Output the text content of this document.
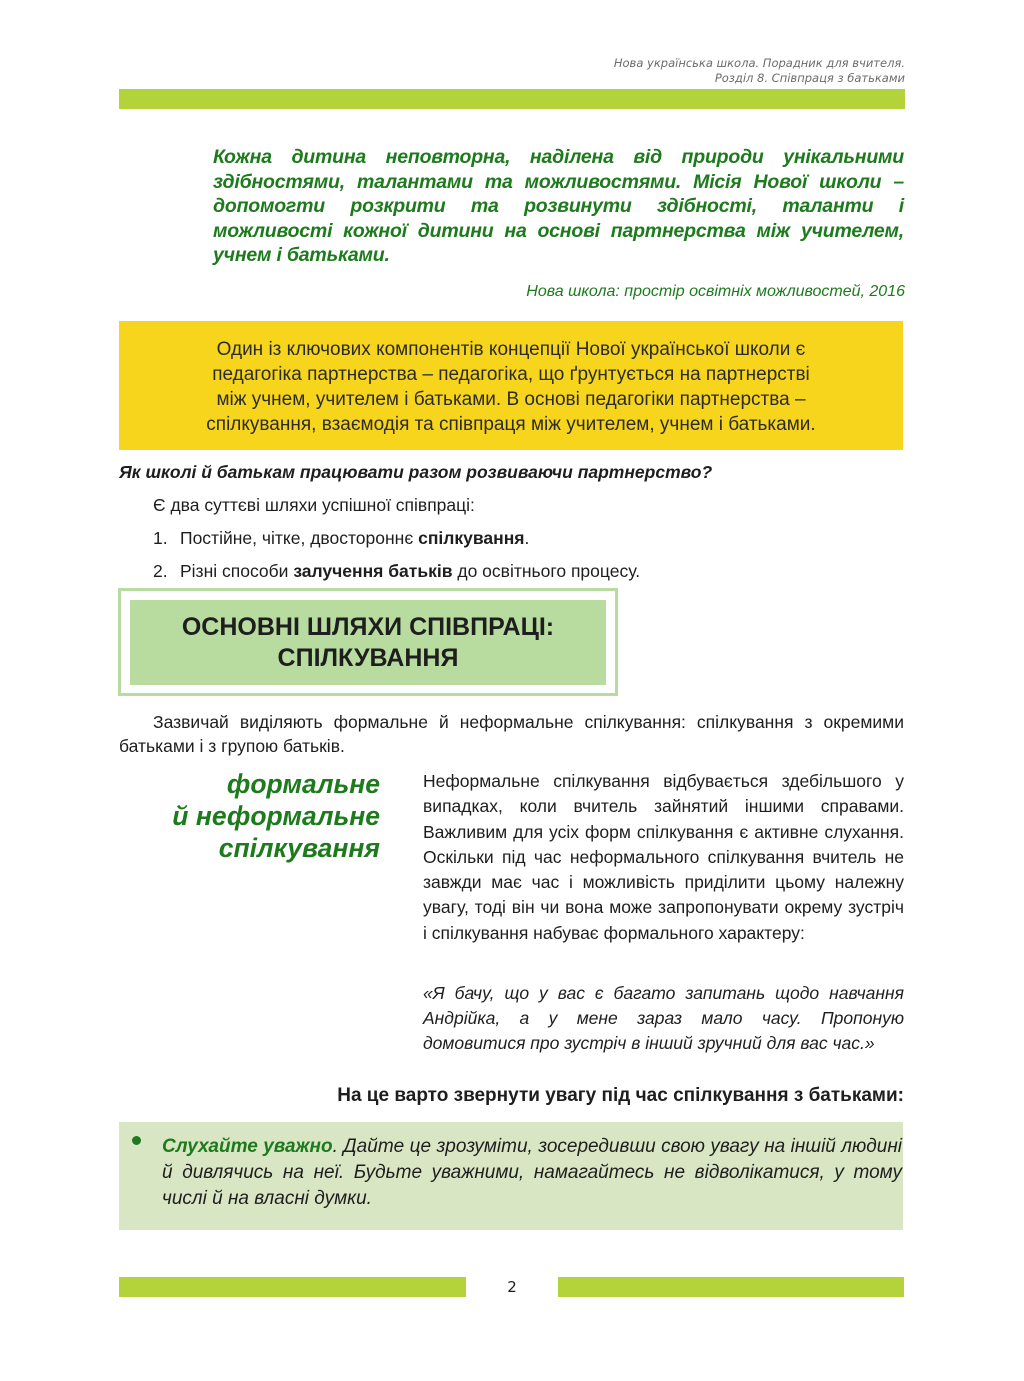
Нова українська школа. Порадник для вчителя.
Розділ 8. Співпраця з батьками
Кожна дитина неповторна, наділена від природи унікальними здібностями, талантами та можливостями. Місія Нової школи – допомогти розкрити та розвинути здібності, таланти і можливості кожної дитини на основі партнерства між учителем, учнем і батьками.
Нова школа: простір освітніх можливостей, 2016
Один із ключових компонентів концепції Нової української школи є
педагогіка партнерства – педагогіка, що ґрунтується на партнерстві
між учнем, учителем і батьками. В основі педагогіки партнерства –
спілкування, взаємодія та співпраця між учителем, учнем і батьками.
Як школі й батькам працювати разом розвиваючи партнерство?
Є два суттєві шляхи успішної співпраці:
1. Постійне, чітке, двостороннє спілкування.
2. Різні способи залучення батьків до освітнього процесу.
ОСНОВНІ ШЛЯХИ СПІВПРАЦІ:
СПІЛКУВАННЯ
Зазвичай виділяють формальне й неформальне спілкування: спілкування з окремими батьками і з групою батьків.
формальне
й неформальне
спілкування
Неформальне спілкування відбувається здебільшого у випадках, коли вчитель зайнятий іншими справами. Важливим для усіх форм спілкування є активне слухання. Оскільки під час неформального спілкування вчитель не завжди має час і можливість приділити цьому належну увагу, тоді він чи вона може запропонувати окрему зустріч і спілкування набуває формального характеру:
«Я бачу, що у вас є багато запитань щодо навчання Андрійка, а у мене зараз мало часу. Пропоную домовитися про зустріч в інший зручний для вас час.»
На це варто звернути увагу під час спілкування з батьками:
Слухайте уважно. Дайте це зрозуміти, зосередивши свою увагу на іншій людині й дивлячись на неї. Будьте уважними, намагайтесь не відволікатися, у тому числі й на власні думки.
2
